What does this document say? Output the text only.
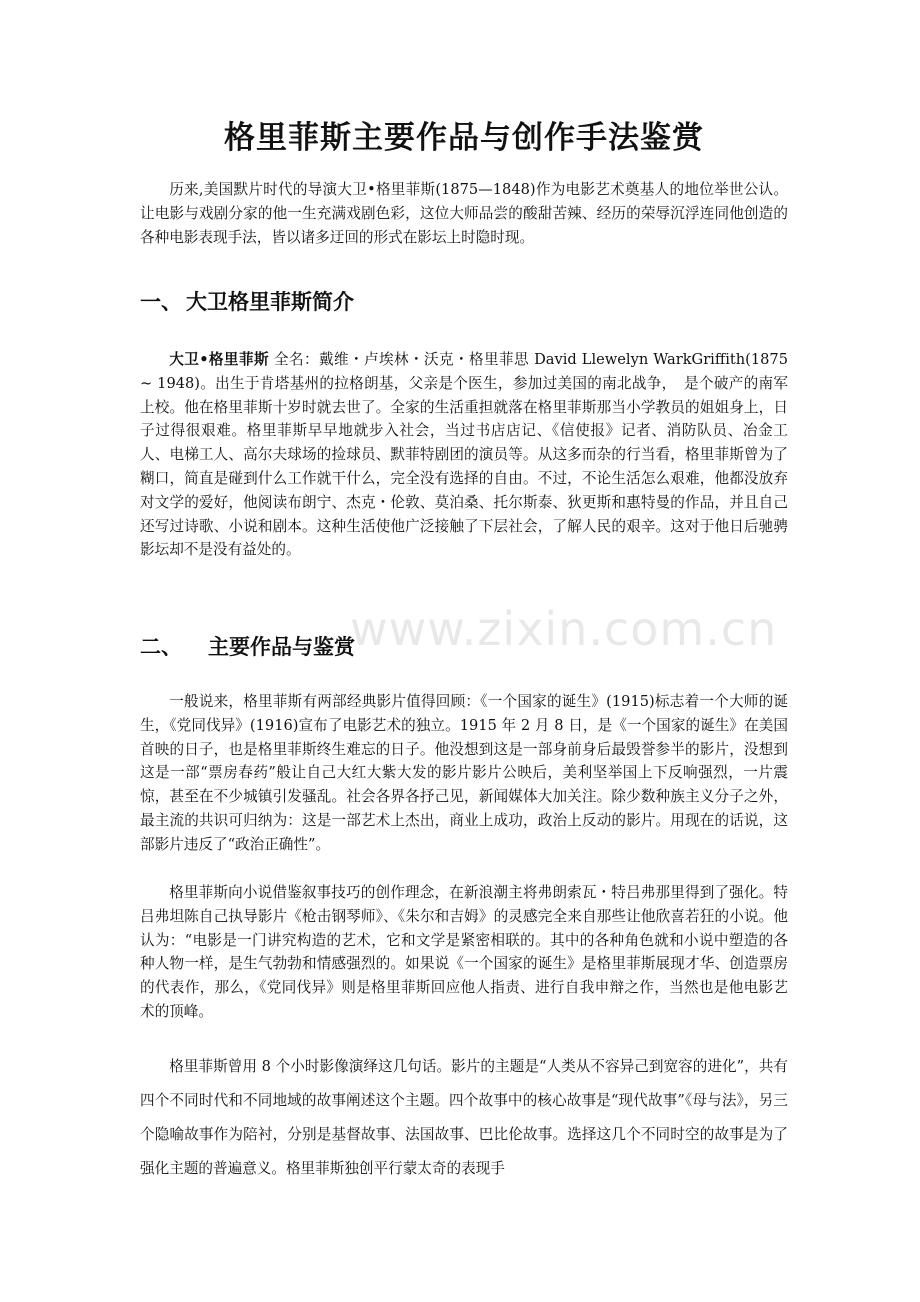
格里菲斯主要作品与创作手法鉴赏

历来,美国默片时代的导演大卫•格里菲斯(1875—1848)作为电影艺术奠基人的地位举世公认。让电影与戏剧分家的他一生充满戏剧色彩，这位大师品尝的酸甜苦辣、经历的荣辱沉浮连同他创造的各种电影表现手法，皆以诸多迂回的形式在影坛上时隐时现。

一、 大卫格里菲斯简介

大卫•格里菲斯 全名：戴维・卢埃林・沃克・格里菲思 David Llewelyn WarkGriffith(1875~ 1948)。出生于肯塔基州的拉格朗基，父亲是个医生，参加过美国的南北战争，　是个破产的南军上校。他在格里菲斯十岁时就去世了。全家的生活重担就落在格里菲斯那当小学教员的姐姐身上，日子过得很艰难。格里菲斯早早地就步入社会，当过书店店记、《信使报》记者、消防队员、冶金工人、电梯工人、高尔夫球场的捡球员、默菲特剧团的演员等。从这多而杂的行当看，格里菲斯曾为了糊口，简直是碰到什么工作就干什么，完全没有选择的自由。不过，不论生活怎么艰难，他都没放弃对文学的爱好，他阅读布朗宁、杰克・伦敦、莫泊桑、托尔斯泰、狄更斯和惠特曼的作品，并且自己还写过诗歌、小说和剧本。这种生活使他广泛接触了下层社会，了解人民的艰辛。这对于他日后驰骋影坛却不是没有益处的。

二、 主要作品与鉴赏

一般说来，格里菲斯有两部经典影片值得回顾：《一个国家的诞生》(1915)标志着一个大师的诞生，《党同伐异》(1916)宣布了电影艺术的独立。1915 年 2 月 8 日，是《一个国家的诞生》在美国首映的日子，也是格里菲斯终生难忘的日子。他没想到这是一部身前身后最毁誉参半的影片，没想到这是一部“票房春药”般让自己大红大紫大发的影片影片公映后，美利坚举国上下反响强烈，一片震惊，甚至在不少城镇引发骚乱。社会各界各抒己见，新闻媒体大加关注。除少数种族主义分子之外，最主流的共识可归纳为：这是一部艺术上杰出，商业上成功，政治上反动的影片。用现在的话说，这部影片违反了“政治正确性”。

格里菲斯向小说借鉴叙事技巧的创作理念，在新浪潮主将弗朗索瓦・特吕弗那里得到了强化。特吕弗坦陈自己执导影片《枪击钢琴师》、《朱尔和吉姆》的灵感完全来自那些让他欣喜若狂的小说。他认为：“电影是一门讲究构造的艺术，它和文学是紧密相联的。其中的各种角色就和小说中塑造的各种人物一样，是生气勃勃和情感强烈的。如果说《一个国家的诞生》是格里菲斯展现才华、创造票房的代表作，那么，《党同伐异》则是格里菲斯回应他人指责、进行自我申辩之作，当然也是他电影艺术的顶峰。

格里菲斯曾用 8 个小时影像演绎这几句话。影片的主题是“人类从不容异己到宽容的进化”，共有四个不同时代和不同地域的故事阐述这个主题。四个故事中的核心故事是“现代故事”《母与法》，另三个隐喻故事作为陪衬，分别是基督故事、法国故事、巴比伦故事。选择这几个不同时空的故事是为了强化主题的普遍意义。格里菲斯独创平行蒙太奇的表现手

www.zixin.com.cn
